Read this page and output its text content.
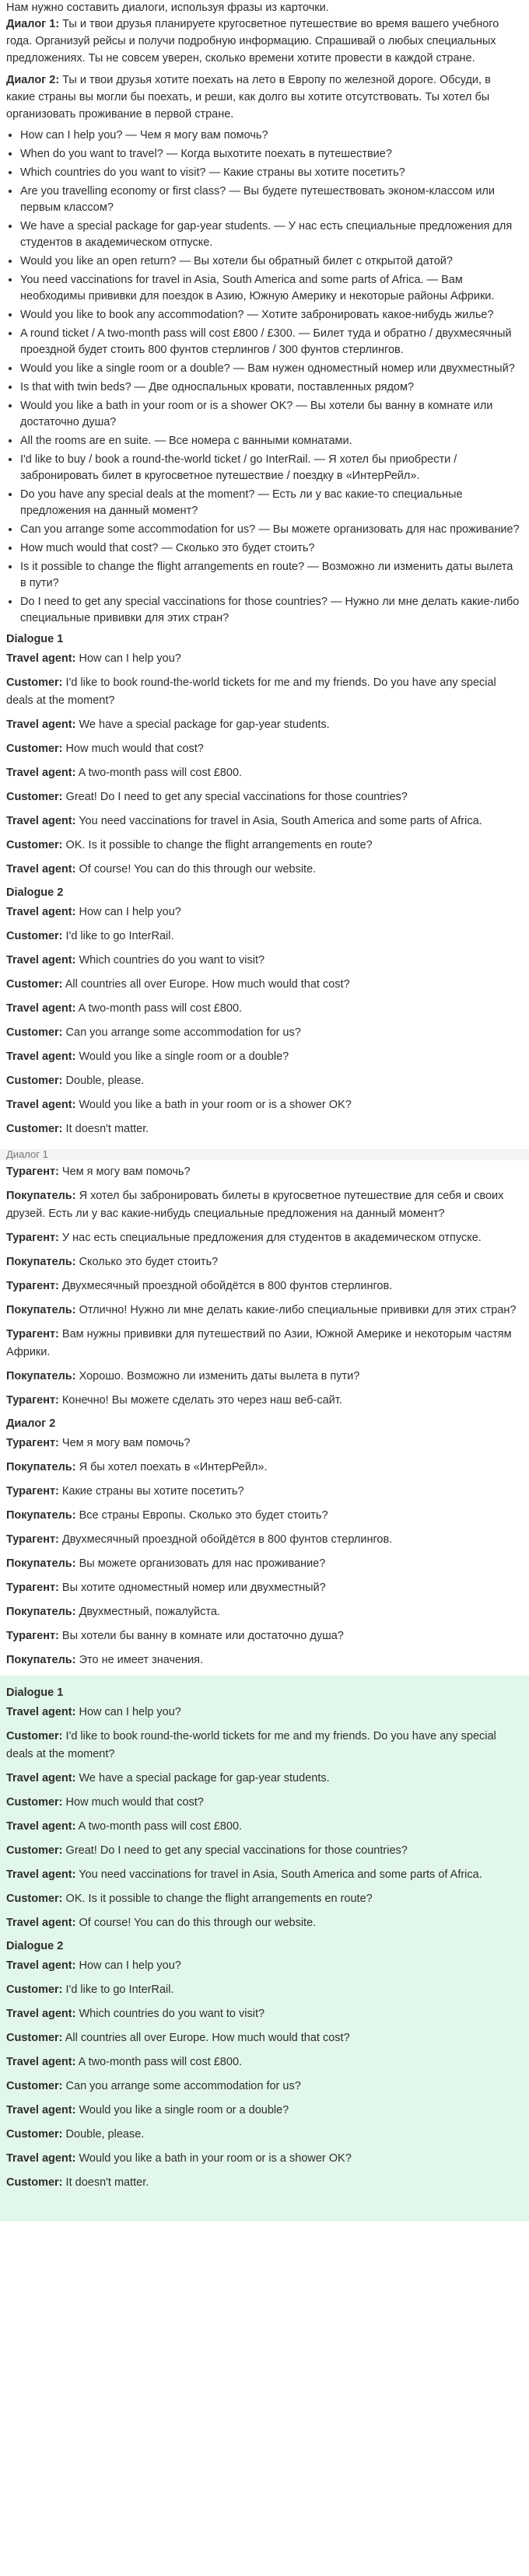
Нам нужно составить диалоги, используя фразы из карточки.

Диалог 1: Ты и твои друзья планируете кругосветное путешествие во время вашего учебного года. Организуй рейсы и получи подробную информацию. Спрашивай о любых специальных предложениях. Ты не совсем уверен, сколько времени хотите провести в каждой стране.

Диалог 2: Ты и твои друзья хотите поехать на лето в Европу по железной дороге. Обсуди, в какие страны вы могли бы поехать, и реши, как долго вы хотите отсутствовать. Ты хотел бы организовать проживание в первой стране.

• How can I help you? — Чем я могу вам помочь?
• When do you want to travel? — Когда выхотите поехать в путешествие?
• Which countries do you want to visit? — Какие страны вы хотите посетить?
• Are you travelling economy or first class? — Вы будете путешествовать эконом-классом или первым классом?
• We have a special package for gap-year students. — У нас есть специальные предложения для студентов в академическом отпуске.
• Would you like an open return? — Вы хотели бы обратный билет с открытой датой?
• You need vaccinations for travel in Asia, South America and some parts of Africa. — Вам необходимы прививки для поездок в Азию, Южную Америку и некоторые районы Африки.
• Would you like to book any accommodation? — Хотите забронировать какое-нибудь жилье?
• A round ticket / A two-month pass will cost £800 / £300. — Билет туда и обратно / двухмесячный проездной будет стоить 800 фунтов стерлингов / 300 фунтов стерлингов.
• Would you like a single room or a double? — Вам нужен одноместный номер или двухместный?
• Is that with twin beds? — Две односпальных кровати, поставленных рядом?
• Would you like a bath in your room or is a shower OK? — Вы хотели бы ванну в комнате или достаточно душа?
• All the rooms are en suite. — Все номера с ванными комнатами.
• I'd like to buy / book a round-the-world ticket / go InterRail. — Я хотел бы приобрести / забронировать билет в кругосветное путешествие / поездку в «ИнтерРейл».
• Do you have any special deals at the moment? — Есть ли у вас какие-то специальные предложения на данный момент?
• Can you arrange some accommodation for us? — Вы можете организовать для нас проживание?
• How much would that cost? — Сколько это будет стоить?
• Is it possible to change the flight arrangements en route? — Возможно ли изменить даты вылета в пути?
• Do I need to get any special vaccinations for those countries? — Нужно ли мне делать какие-либо специальные прививки для этих стран?
Dialogue 1

Travel agent: How can I help you?

Customer: I'd like to book round-the-world tickets for me and my friends. Do you have any special deals at the moment?

Travel agent: We have a special package for gap-year students.

Customer: How much would that cost?

Travel agent: A two-month pass will cost £800.

Customer: Great! Do I need to get any special vaccinations for those countries?

Travel agent: You need vaccinations for travel in Asia, South America and some parts of Africa.

Customer: OK. Is it possible to change the flight arrangements en route?

Travel agent: Of course! You can do this through our website.

Dialogue 2

Travel agent: How can I help you?

Customer: I'd like to go InterRail.

Travel agent: Which countries do you want to visit?

Customer: All countries all over Europe. How much would that cost?

Travel agent: A two-month pass will cost £800.

Customer: Can you arrange some accommodation for us?

Travel agent: Would you like a single room or a double?

Customer: Double, please.

Travel agent: Would you like a bath in your room or is a shower OK?

Customer: It doesn't matter.

Диалог 1

Турагент: Чем я могу вам помочь?

Покупатель: Я хотел бы забронировать билеты в кругосветное путешествие для себя и своих друзей. Есть ли у вас какие-нибудь специальные предложения на данный момент?

Турагент: У нас есть специальные предложения для студентов в академическом отпуске.

Покупатель: Сколько это будет стоить?

Турагент: Двухмесячный проездной обойдётся в 800 фунтов стерлингов.

Покупатель: Отлично! Нужно ли мне делать какие-либо специальные прививки для этих стран?

Турагент: Вам нужны прививки для путешествий по Азии, Южной Америке и некоторым частям Африки.

Покупатель: Хорошо. Возможно ли изменить даты вылета в пути?

Турагент: Конечно! Вы можете сделать это через наш веб-сайт.

Диалог 2

Турагент: Чем я могу вам помочь?

Покупатель: Я бы хотел поехать в «ИнтерРейл».

Турагент: Какие страны вы хотите посетить?

Покупатель: Все страны Европы. Сколько это будет стоить?

Турагент: Двухмесячный проездной обойдётся в 800 фунтов стерлингов.

Покупатель: Вы можете организовать для нас проживание?

Турагент: Вы хотите одноместный номер или двухместный?

Покупатель: Двухместный, пожалуйста.

Турагент: Вы хотели бы ванну в комнате или достаточно душа?

Покупатель: Это не имеет значения.

Dialogue 1

Travel agent: How can I help you?

Customer: I'd like to book round-the-world tickets for me and my friends. Do you have any special deals at the moment?

Travel agent: We have a special package for gap-year students.

Customer: How much would that cost?

Travel agent: A two-month pass will cost £800.

Customer: Great! Do I need to get any special vaccinations for those countries?

Travel agent: You need vaccinations for travel in Asia, South America and some parts of Africa.

Customer: OK. Is it possible to change the flight arrangements en route?

Travel agent: Of course! You can do this through our website.

Dialogue 2

Travel agent: How can I help you?

Customer: I'd like to go InterRail.

Travel agent: Which countries do you want to visit?

Customer: All countries all over Europe. How much would that cost?

Travel agent: A two-month pass will cost £800.

Customer: Can you arrange some accommodation for us?

Travel agent: Would you like a single room or a double?

Customer: Double, please.

Travel agent: Would you like a bath in your room or is a shower OK?

Customer: It doesn't matter.
